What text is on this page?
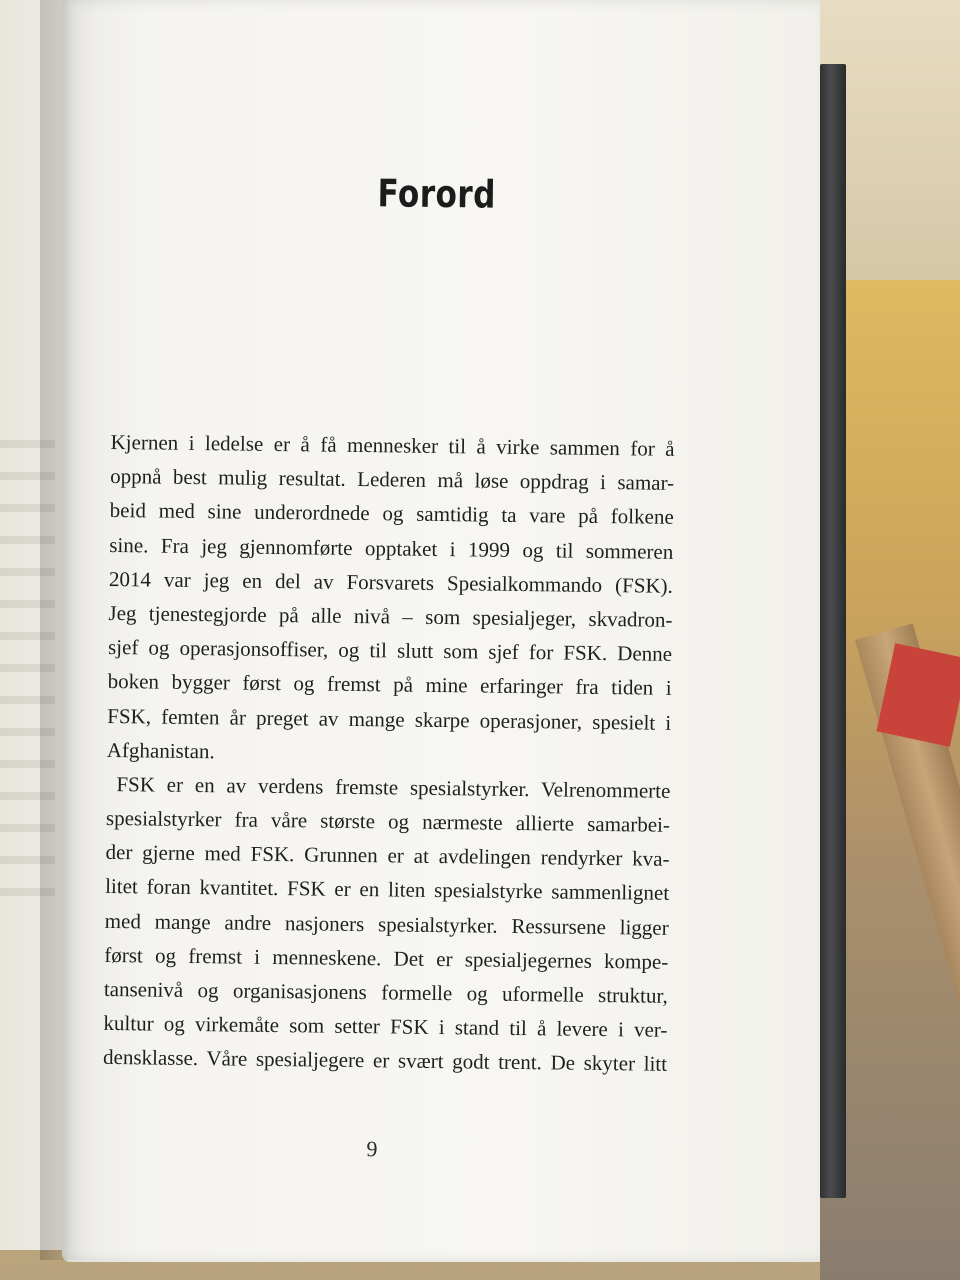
Forord
Kjernen i ledelse er å få mennesker til å virke sammen for å
oppnå best mulig resultat. Lederen må løse oppdrag i samar-
beid med sine underordnede og samtidig ta vare på folkene
sine. Fra jeg gjennomførte opptaket i 1999 og til sommeren
2014 var jeg en del av Forsvarets Spesialkommando (FSK).
Jeg tjenestegjorde på alle nivå – som spesialjeger, skvadron-
sjef og operasjonsoffiser, og til slutt som sjef for FSK. Denne
boken bygger først og fremst på mine erfaringer fra tiden i
FSK, femten år preget av mange skarpe operasjoner, spesielt i
Afghanistan.
FSK er en av verdens fremste spesialstyrker. Velrenommerte
spesialstyrker fra våre største og nærmeste allierte samarbei-
der gjerne med FSK. Grunnen er at avdelingen rendyrker kva-
litet foran kvantitet. FSK er en liten spesialstyrke sammenlignet
med mange andre nasjoners spesialstyrker. Ressursene ligger
først og fremst i menneskene. Det er spesialjegernes kompe-
tansenivå og organisasjonens formelle og uformelle struktur,
kultur og virkemåte som setter FSK i stand til å levere i ver-
densklasse. Våre spesialjegere er svært godt trent. De skyter litt
9
